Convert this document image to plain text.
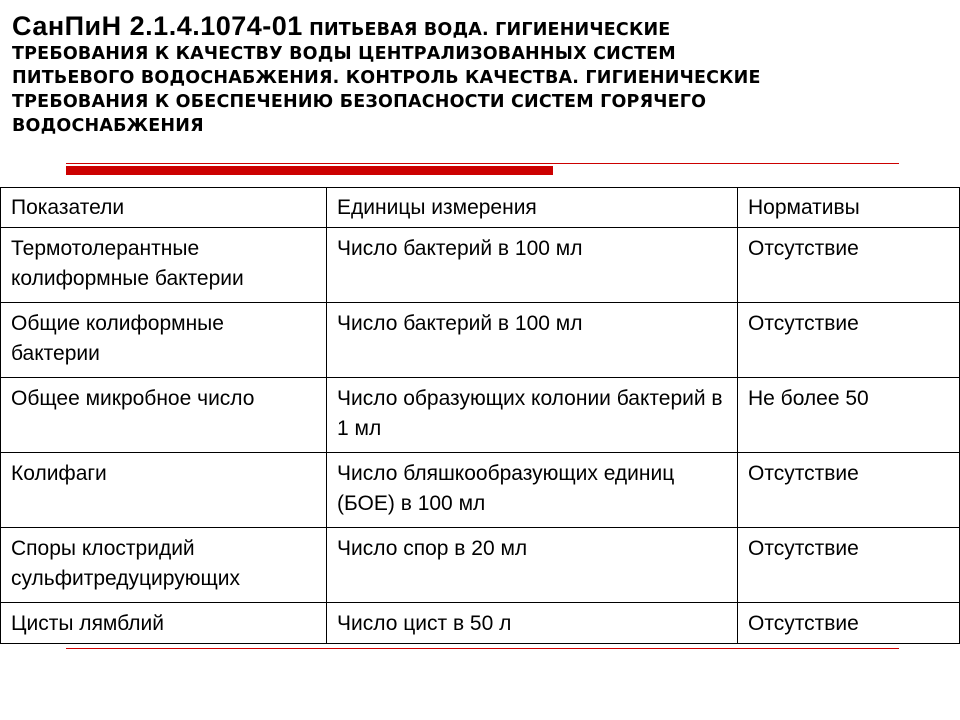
СанПиН 2.1.4.1074-01 ПИТЬЕВАЯ ВОДА. ГИГИЕНИЧЕСКИЕ
ТРЕБОВАНИЯ К КАЧЕСТВУ ВОДЫ ЦЕНТРАЛИЗОВАННЫХ СИСТЕМ
ПИТЬЕВОГО ВОДОСНАБЖЕНИЯ. КОНТРОЛЬ КАЧЕСТВА. ГИГИЕНИЧЕСКИЕ
ТРЕБОВАНИЯ К ОБЕСПЕЧЕНИЮ БЕЗОПАСНОСТИ СИСТЕМ ГОРЯЧЕГО
ВОДОСНАБЖЕНИЯ
Показатели	Единицы измерения	Нормативы
Термотолерантные колиформные бактерии	Число бактерий в 100 мл	Отсутствие
Общие колиформные бактерии	Число бактерий в 100 мл	Отсутствие
Общее микробное число	Число образующих колонии бактерий в 1 мл	Не более 50
Колифаги	Число бляшкообразующих единиц (БОЕ) в 100 мл	Отсутствие
Споры клостридий сульфитредуцирующих	Число спор в 20 мл	Отсутствие
Цисты лямблий	Число цист в 50 л	Отсутствие
